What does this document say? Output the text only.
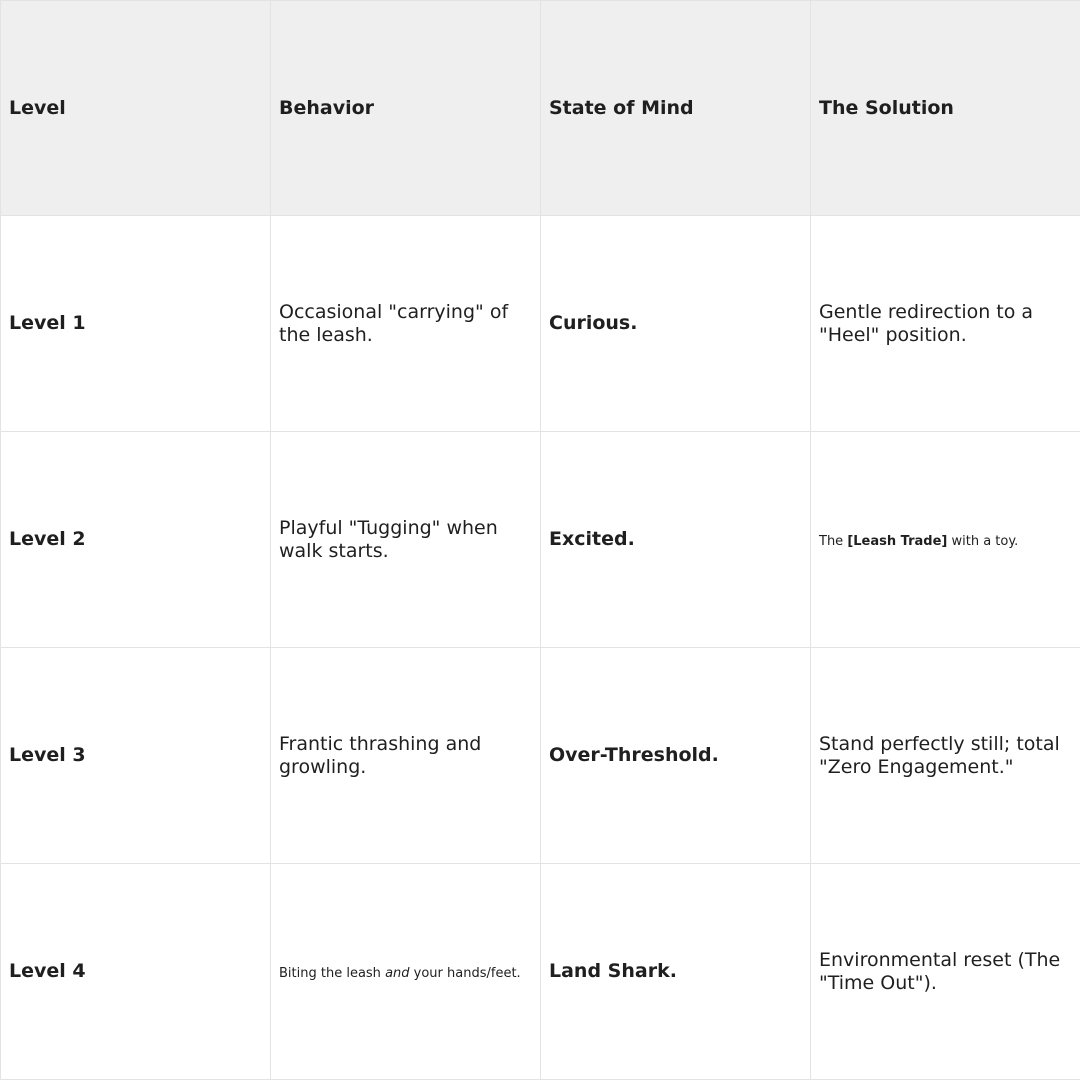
Level	Behavior	State of Mind	The Solution
Level 1	Occasional "carrying" of the leash.	Curious.	Gentle redirection to a "Heel" position.
Level 2	Playful "Tugging" when walk starts.	Excited.	The [Leash Trade] with a toy.
Level 3	Frantic thrashing and growling.	Over-Threshold.	Stand perfectly still; total "Zero Engagement."
Level 4	Biting the leash and your hands/feet.	Land Shark.	Environmental reset (The "Time Out").
